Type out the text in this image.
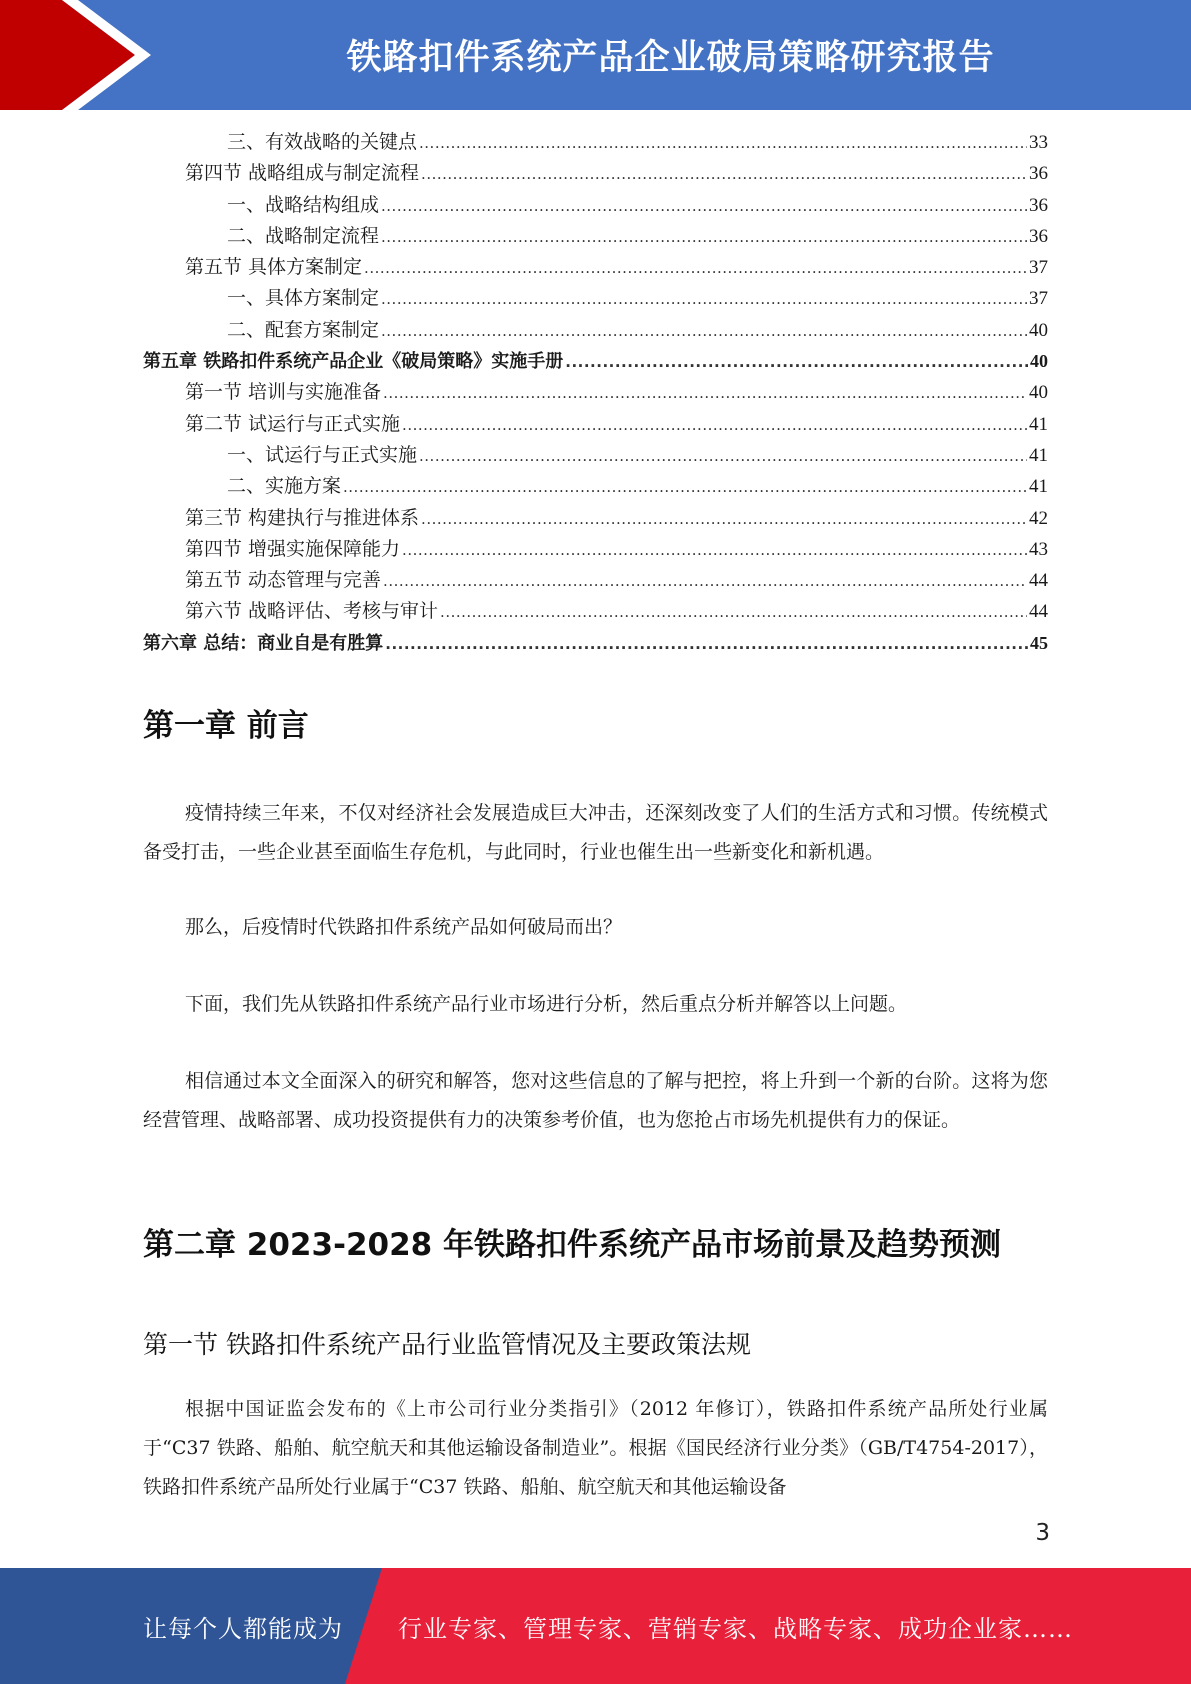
铁路扣件系统产品企业破局策略研究报告
三、有效战略的关键点 .....	33
第四节 战略组成与制定流程 .....	36
一、战略结构组成 .....	36
二、战略制定流程 .....	36
第五节 具体方案制定 .....	37
一、具体方案制定 .....	37
二、配套方案制定 .....	40
第五章 铁路扣件系统产品企业《破局策略》实施手册 .....	40
第一节 培训与实施准备 .....	40
第二节 试运行与正式实施 .....	41
一、试运行与正式实施 .....	41
二、实施方案 .....	41
第三节 构建执行与推进体系 .....	42
第四节 增强实施保障能力 .....	43
第五节 动态管理与完善 .....	44
第六节 战略评估、考核与审计 .....	44
第六章 总结：商业自是有胜算 .....	45
第一章 前言
疫情持续三年来，不仅对经济社会发展造成巨大冲击，还深刻改变了人们的生活方式和习惯。传统模式备受打击，一些企业甚至面临生存危机，与此同时，行业也催生出一些新变化和新机遇。
那么，后疫情时代铁路扣件系统产品如何破局而出？
下面，我们先从铁路扣件系统产品行业市场进行分析，然后重点分析并解答以上问题。
相信通过本文全面深入的研究和解答，您对这些信息的了解与把控，将上升到一个新的台阶。这将为您经营管理、战略部署、成功投资提供有力的决策参考价值，也为您抢占市场先机提供有力的保证。
第二章 2023-2028 年铁路扣件系统产品市场前景及趋势预测
第一节 铁路扣件系统产品行业监管情况及主要政策法规
根据中国证监会发布的《上市公司行业分类指引》（2012 年修订），铁路扣件系统产品所处行业属于“C37 铁路、船舶、航空航天和其他运输设备制造业”。根据《国民经济行业分类》（GB/T4754-2017），铁路扣件系统产品所处行业属于“C37 铁路、船舶、航空航天和其他运输设备
3
让每个人都能成为 行业专家、管理专家、营销专家、战略专家、成功企业家……
